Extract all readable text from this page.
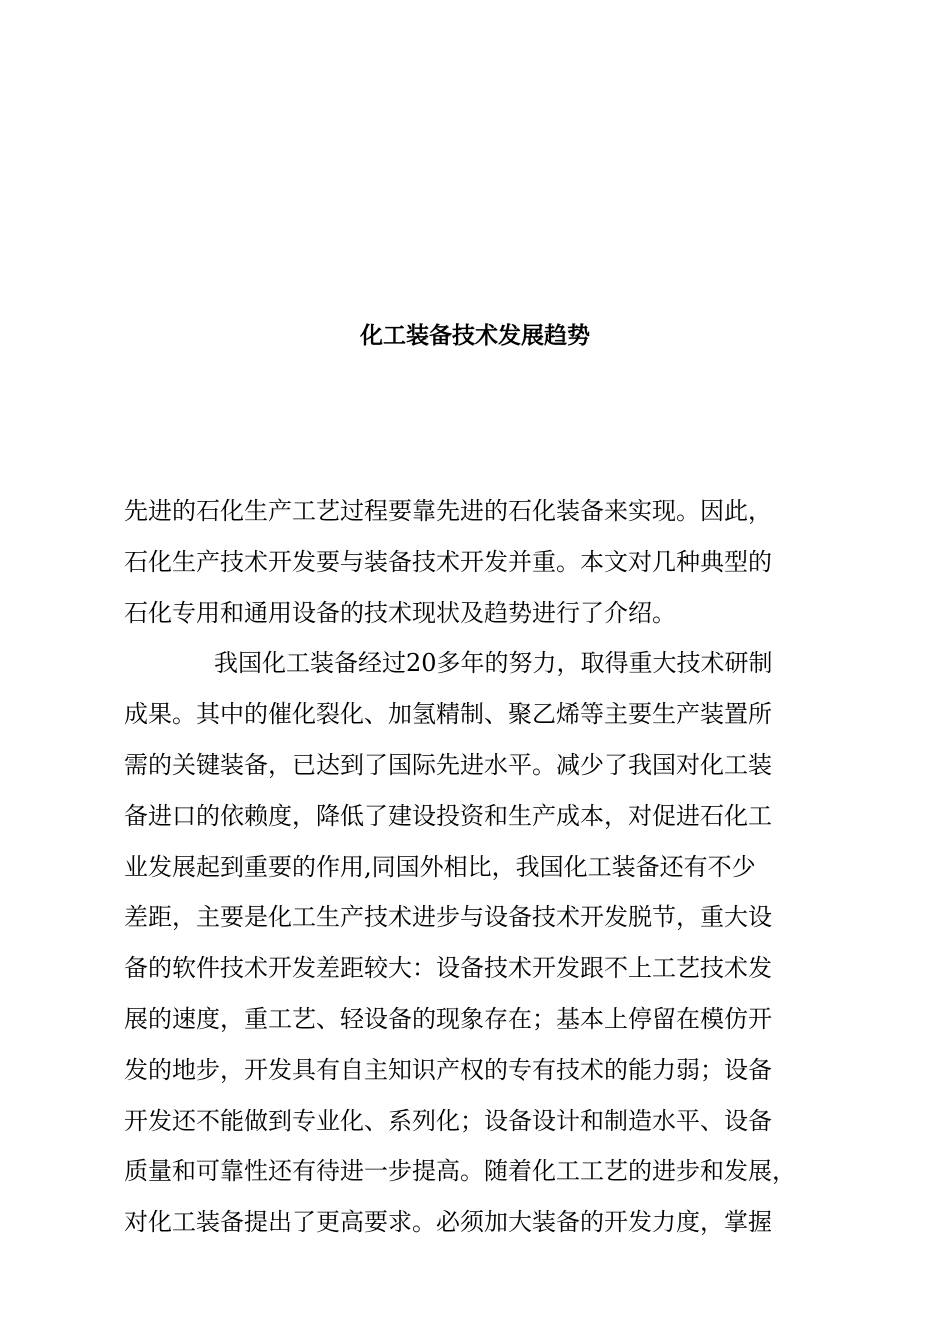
化工装备技术发展趋势
先进的石化生产工艺过程要靠先进的石化装备来实现。因此，
石化生产技术开发要与装备技术开发并重。本文对几种典型的
石化专用和通用设备的技术现状及趋势进行了介绍。
我国化工装备经过20多年的努力，取得重大技术研制
成果。其中的催化裂化、加氢精制、聚乙烯等主要生产装置所
需的关键装备，已达到了国际先进水平。减少了我国对化工装
备进口的依赖度，降低了建设投资和生产成本，对促进石化工
业发展起到重要的作用,同国外相比，我国化工装备还有不少
差距，主要是化工生产技术进步与设备技术开发脱节，重大设
备的软件技术开发差距较大：设备技术开发跟不上工艺技术发
展的速度，重工艺、轻设备的现象存在；基本上停留在模仿开
发的地步，开发具有自主知识产权的专有技术的能力弱；设备
开发还不能做到专业化、系列化；设备设计和制造水平、设备
质量和可靠性还有待进一步提高。随着化工工艺的进步和发展，
对化工装备提出了更高要求。必须加大装备的开发力度，掌握
